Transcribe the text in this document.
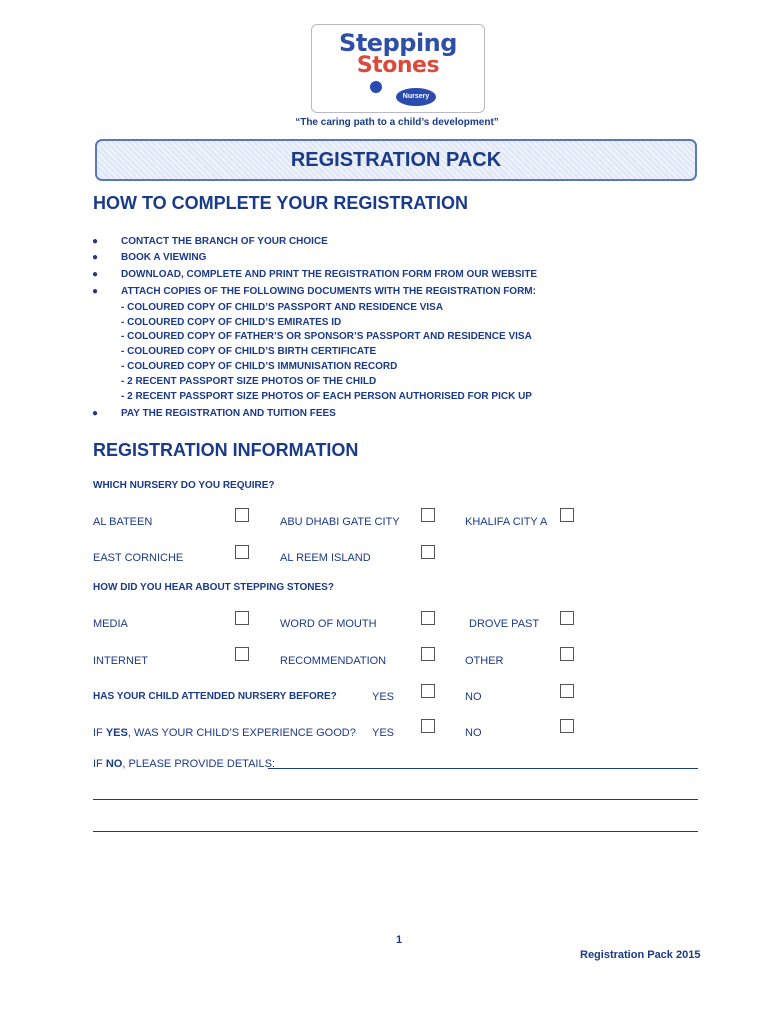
Stepping
Stones
Nursery
“The caring path to a child’s development”
REGISTRATION PACK
HOW TO COMPLETE YOUR REGISTRATION
● CONTACT THE BRANCH OF YOUR CHOICE
● BOOK A VIEWING
● DOWNLOAD, COMPLETE AND PRINT THE REGISTRATION FORM FROM OUR WEBSITE
● ATTACH COPIES OF THE FOLLOWING DOCUMENTS WITH THE REGISTRATION FORM:
- COLOURED COPY OF CHILD’S PASSPORT AND RESIDENCE VISA
- COLOURED COPY OF CHILD’S EMIRATES ID
- COLOURED COPY OF FATHER’S OR SPONSOR’S PASSPORT AND RESIDENCE VISA
- COLOURED COPY OF CHILD’S BIRTH CERTIFICATE
- COLOURED COPY OF CHILD’S IMMUNISATION RECORD
- 2 RECENT PASSPORT SIZE PHOTOS OF THE CHILD
- 2 RECENT PASSPORT SIZE PHOTOS OF EACH PERSON AUTHORISED FOR PICK UP
● PAY THE REGISTRATION AND TUITION FEES
REGISTRATION INFORMATION
WHICH NURSERY DO YOU REQUIRE?
AL BATEEN	ABU DHABI GATE CITY	KHALIFA CITY A
EAST CORNICHE	AL REEM ISLAND
HOW DID YOU HEAR ABOUT STEPPING STONES?
MEDIA	WORD OF MOUTH	DROVE PAST
INTERNET	RECOMMENDATION	OTHER
HAS YOUR CHILD ATTENDED NURSERY BEFORE?	YES	NO
IF YES, WAS YOUR CHILD’S EXPERIENCE GOOD? YES	NO
IF NO, PLEASE PROVIDE DETAILS:
1
Registration Pack 2015
